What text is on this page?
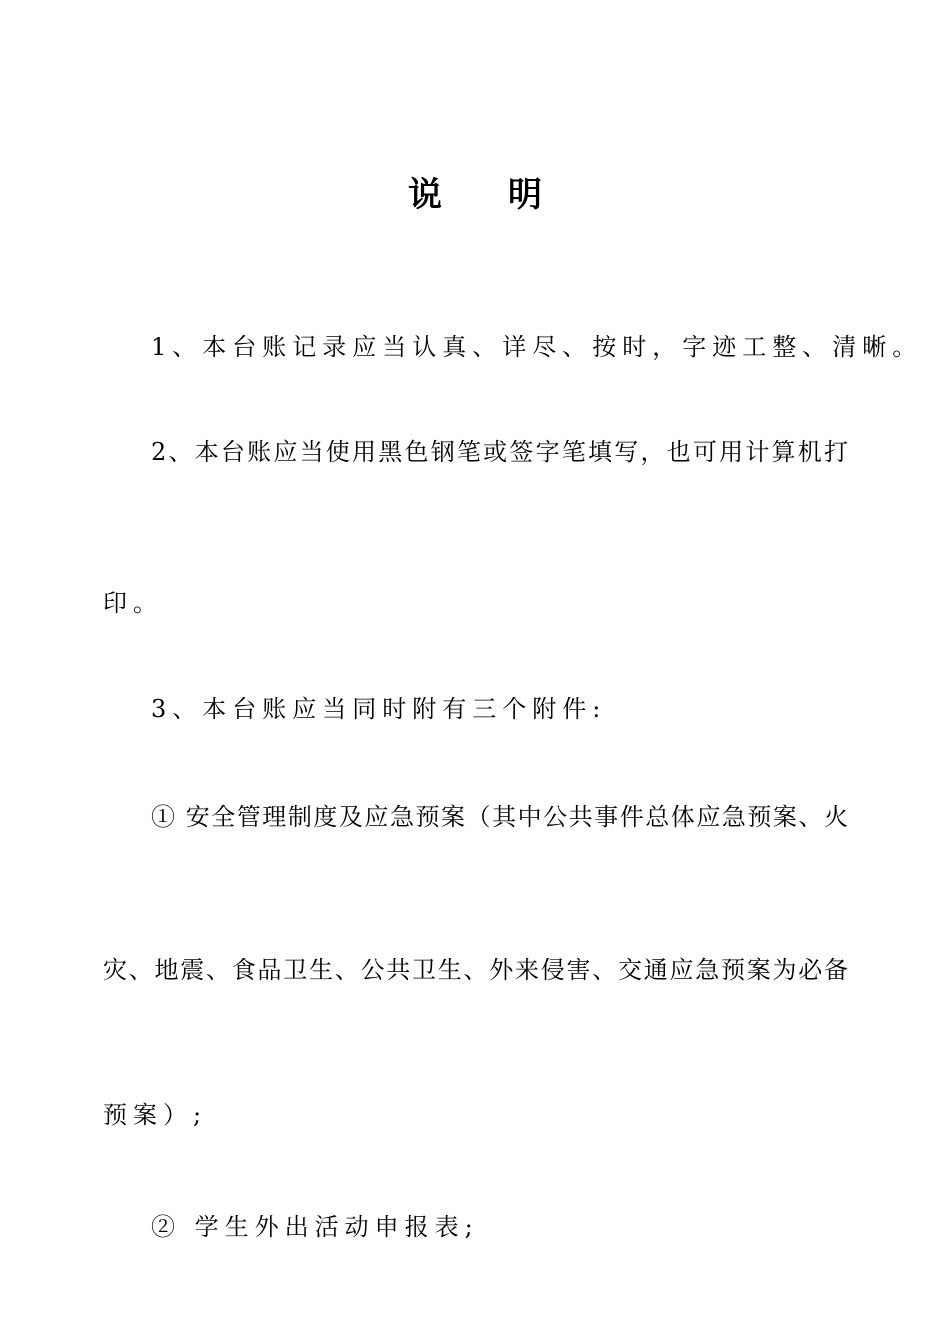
说明
1、本台账记录应当认真、详尽、按时，字迹工整、清晰。
2、本台账应当使用黑色钢笔或签字笔填写，也可用计算机打
印。
3、本台账应当同时附有三个附件:
① 安全管理制度及应急预案（其中公共事件总体应急预案、火
灾、地震、食品卫生、公共卫生、外来侵害、交通应急预案为必备
预案）;
② 学生外出活动申报表;
